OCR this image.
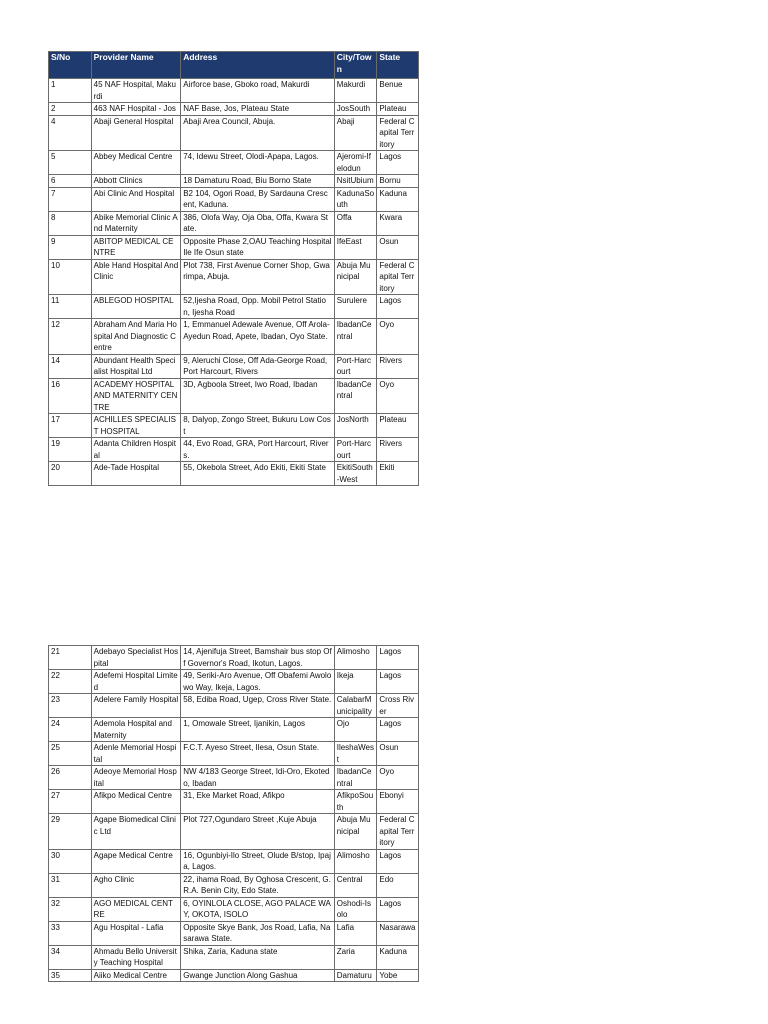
S/No	Provider Name	Address	City/Town	State
1	45 NAF Hospital, Makurdi	Airforce base, Gboko road, Makurdi	Makurdi	Benue
2	463 NAF Hospital - Jos	NAF Base, Jos, Plateau State	JosSouth	Plateau
4	Abaji General Hospital	Abaji Area Council, Abuja.	Abaji	Federal Capital Territory
5	Abbey Medical Centre	74, Idewu Street, Olodi-Apapa, Lagos.	Ajeromi-Ifelodun	Lagos
6	Abbott Clinics	18 Damaturu Road, Biu Borno State	NsitUbium	Bornu
7	Abi Clinic And Hospital	B2 104, Ogori Road, By Sardauna Crescent, Kaduna.	KadunaSouth	Kaduna
8	Abike Memorial Clinic And Maternity	386, Olofa Way, Oja Oba, Offa, Kwara State.	Offa	Kwara
9	ABITOP MEDICAL CENTRE	Opposite Phase 2,OAU Teaching Hospital Ile Ife Osun state	IfeEast	Osun
10	Able Hand Hospital And Clinic	Plot 738, First Avenue Corner Shop, Gwarimpa, Abuja.	Abuja Municipal	Federal Capital Territory
11	ABLEGOD HOSPITAL	52,Ijesha Road, Opp. Mobil Petrol Station, Ijesha Road	Surulere	Lagos
12	Abraham And Maria Hospital And Diagnostic Centre	1, Emmanuel Adewale Avenue, Off Arola-Ayedun Road, Apete, Ibadan, Oyo State.	IbadanCentral	Oyo
14	Abundant Health Specialist Hospital Ltd	9, Aleruchi Close, Off Ada-George Road, Port Harcourt, Rivers	Port-Harcourt	Rivers
16	ACADEMY HOSPITAL AND MATERNITY CENTRE	3D, Agboola Street, Iwo Road, Ibadan	IbadanCentral	Oyo
17	ACHILLES SPECIALIST HOSPITAL	8, Dalyop, Zongo Street, Bukuru Low Cost	JosNorth	Plateau
19	Adanta Children Hospital	44, Evo Road, GRA, Port Harcourt, Rivers.	Port-Harcourt	Rivers
20	Ade-Tade Hospital	55, Okebola Street, Ado Ekiti, Ekiti State	EkitiSouth-West	Ekiti
21	Adebayo Specialist Hospital	14, Ajenifuja Street, Bamshair bus stop Off Governor's Road, Ikotun, Lagos.	Alimosho	Lagos
22	Adefemi Hospital Limited	49, Seriki-Aro Avenue, Off Obafemi Awolowo Way, Ikeja, Lagos.	Ikeja	Lagos
23	Adelere Family Hospital	58, Ediba Road, Ugep, Cross River State.	CalabarMunicipality	Cross River
24	Ademola Hospital and Maternity	1, Omowale Street, Ijanikin, Lagos	Ojo	Lagos
25	Adenle Memorial Hospital	F.C.T. Ayeso Street, Ilesa, Osun State.	IleshaWest	Osun
26	Adeoye Memorial Hospital	NW 4/183 George Street, Idi-Oro, Ekotedo, Ibadan	IbadanCentral	Oyo
27	Afikpo Medical Centre	31, Eke Market Road, Afikpo	AfikpoSouth	Ebonyi
29	Agape Biomedical Clinic Ltd	Plot 727,Ogundaro Street ,Kuje Abuja	Abuja Municipal	Federal Capital Territory
30	Agape Medical Centre	16, Ogunbiyi-Ilo Street, Olude B/stop, Ipaja, Lagos.	Alimosho	Lagos
31	Agho Clinic	22, ihama Road, By Oghosa Crescent, G.R.A. Benin City, Edo State.	Central	Edo
32	AGO MEDICAL CENTRE	6, OYINLOLA CLOSE, AGO PALACE WAY, OKOTA, ISOLO	Oshodi-Isolo	Lagos
33	Agu Hospital - Lafia	Opposite Skye Bank, Jos Road, Lafia, Nasarawa State.	Lafia	Nasarawa
34	Ahmadu Bello University Teaching Hospital	Shika, Zaria, Kaduna state	Zaria	Kaduna
35	Aiiko Medical Centre	Gwange Junction Along Gashua	Damaturu	Yobe
